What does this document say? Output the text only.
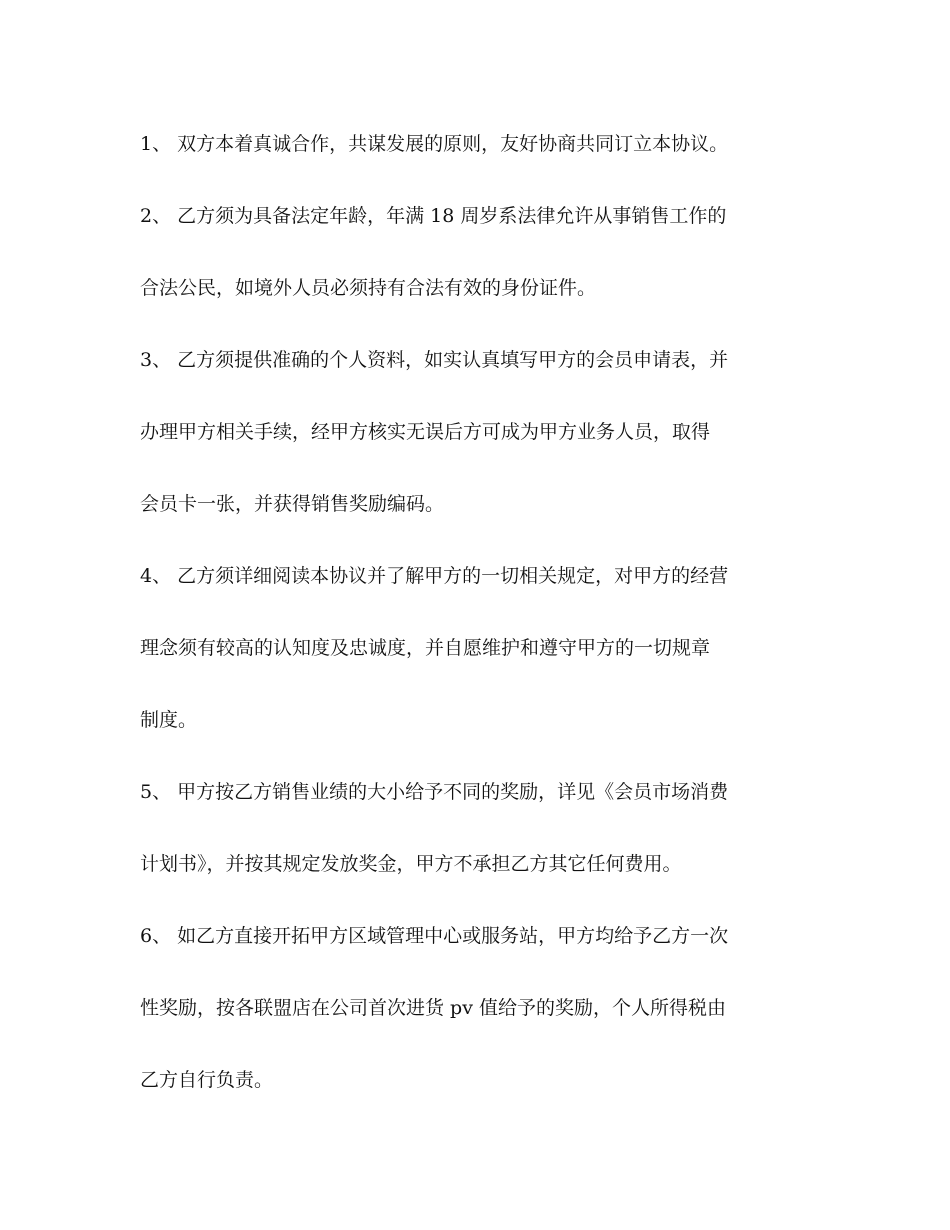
1、 双方本着真诚合作，共谋发展的原则，友好协商共同订立本协议。
2、 乙方须为具备法定年龄，年满 18 周岁系法律允许从事销售工作的
合法公民，如境外人员必须持有合法有效的身份证件。
3、 乙方须提供准确的个人资料，如实认真填写甲方的会员申请表，并
办理甲方相关手续，经甲方核实无误后方可成为甲方业务人员，取得
会员卡一张，并获得销售奖励编码。
4、 乙方须详细阅读本协议并了解甲方的一切相关规定，对甲方的经营
理念须有较高的认知度及忠诚度，并自愿维护和遵守甲方的一切规章
制度。
5、 甲方按乙方销售业绩的大小给予不同的奖励，详见《会员市场消费
计划书》，并按其规定发放奖金，甲方不承担乙方其它任何费用。
6、 如乙方直接开拓甲方区域管理中心或服务站，甲方均给予乙方一次
性奖励，按各联盟店在公司首次进货 pv 值给予的奖励，个人所得税由
乙方自行负责。
